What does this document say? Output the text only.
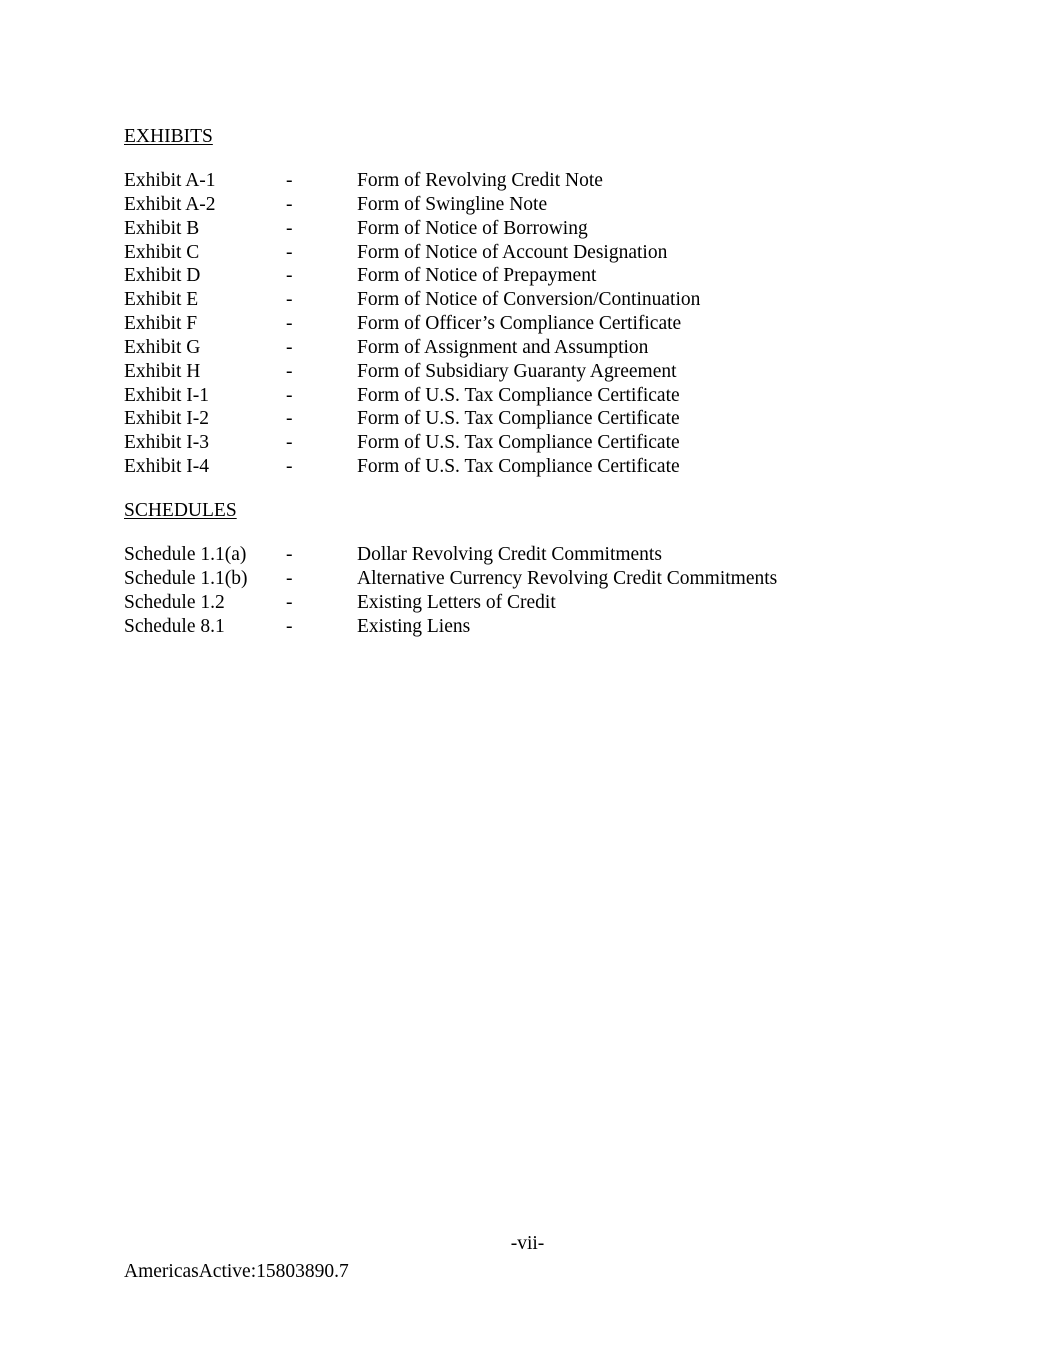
EXHIBITS
Exhibit A-1	-	Form of Revolving Credit Note
Exhibit A-2	-	Form of Swingline Note
Exhibit B	-	Form of Notice of Borrowing
Exhibit C	-	Form of Notice of Account Designation
Exhibit D	-	Form of Notice of Prepayment
Exhibit E	-	Form of Notice of Conversion/Continuation
Exhibit F	-	Form of Officer’s Compliance Certificate
Exhibit G	-	Form of Assignment and Assumption
Exhibit H	-	Form of Subsidiary Guaranty Agreement
Exhibit I-1	-	Form of U.S. Tax Compliance Certificate
Exhibit I-2	-	Form of U.S. Tax Compliance Certificate
Exhibit I-3	-	Form of U.S. Tax Compliance Certificate
Exhibit I-4	-	Form of U.S. Tax Compliance Certificate
SCHEDULES
Schedule 1.1(a) -	Dollar Revolving Credit Commitments
Schedule 1.1(b) -	Alternative Currency Revolving Credit Commitments
Schedule 1.2	-	Existing Letters of Credit
Schedule 8.1	-	Existing Liens
-vii-
AmericasActive:15803890.7
